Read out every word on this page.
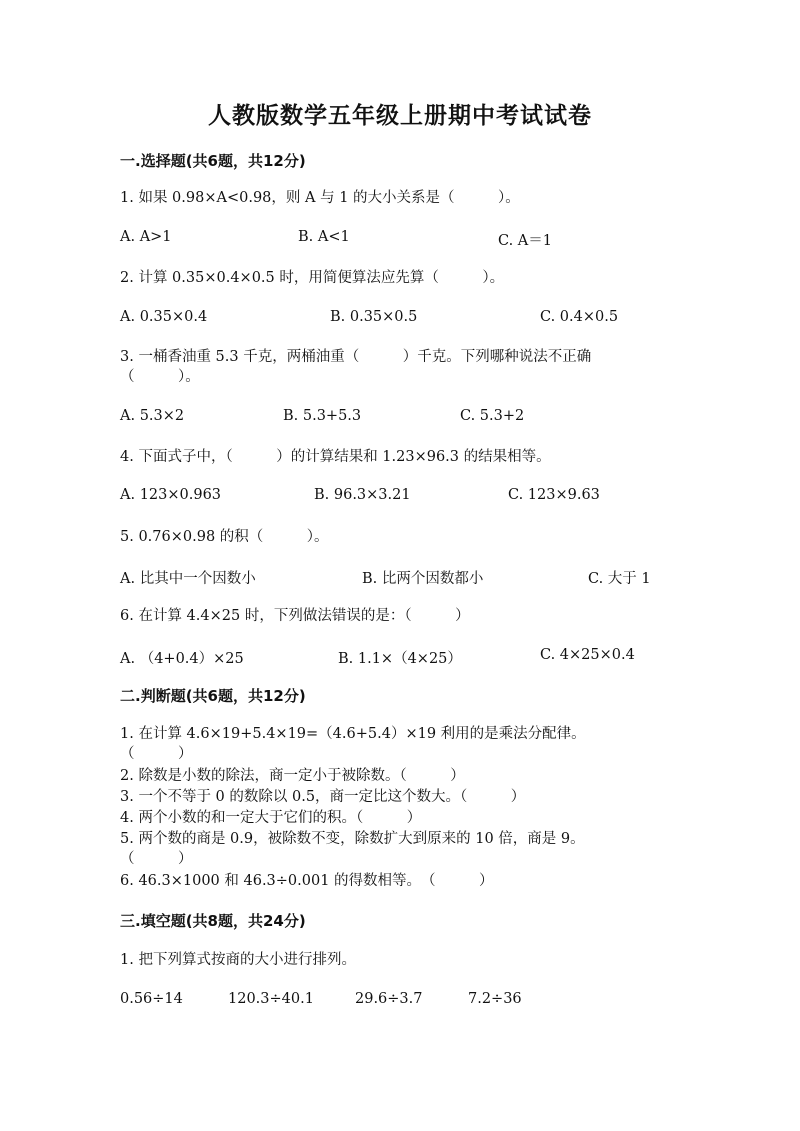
人教版数学五年级上册期中考试试卷
一.选择题(共6题，共12分)
1. 如果 0.98×A<0.98，则 A 与 1 的大小关系是（　　　）。
A. A>1	B. A<1	C. A＝1
2. 计算 0.35×0.4×0.5 时，用简便算法应先算（　　　）。
A. 0.35×0.4	B. 0.35×0.5	C. 0.4×0.5
3. 一桶香油重 5.3 千克，两桶油重（　　　）千克。下列哪种说法不正确
（　　　）。
A. 5.3×2	B. 5.3+5.3	C. 5.3+2
4. 下面式子中，（　　　）的计算结果和 1.23×96.3 的结果相等。
A. 123×0.963	B. 96.3×3.21	C. 123×9.63
5. 0.76×0.98 的积（　　　）。
A. 比其中一个因数小	B. 比两个因数都小	C. 大于 1
6. 在计算 4.4×25 时，下列做法错误的是：（　　　）
A. （4+0.4）×25	B. 1.1×（4×25）	C. 4×25×0.4
二.判断题(共6题，共12分)
1. 在计算 4.6×19+5.4×19=（4.6+5.4）×19 利用的是乘法分配律。
（　　　）
2. 除数是小数的除法，商一定小于被除数。（　　　）
3. 一个不等于 0 的数除以 0.5，商一定比这个数大。（　　　）
4. 两个小数的和一定大于它们的积。（　　　）
5. 两个数的商是 0.9，被除数不变，除数扩大到原来的 10 倍，商是 9。
（　　　）
6. 46.3×1000 和 46.3÷0.001 的得数相等。　（　　　）
三.填空题(共8题，共24分)
1. 把下列算式按商的大小进行排列。
0.56÷14	120.3÷40.1	29.6÷3.7	7.2÷36
